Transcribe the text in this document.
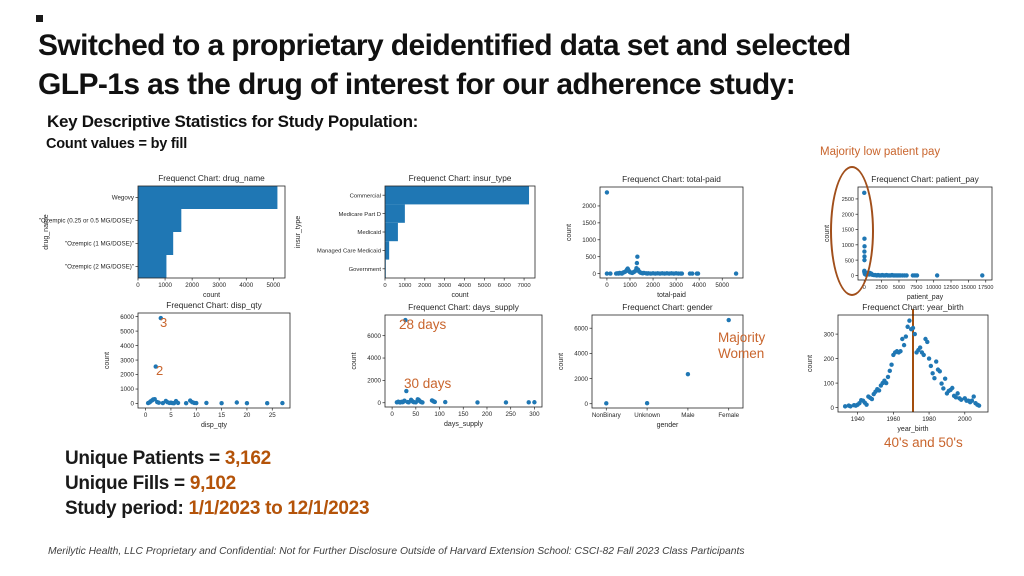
Switched to a proprietary deidentified data set and selected
GLP-1s as the drug of interest for our adherence study:
Key Descriptive Statistics for Study Population:
Count values = by fill
Wegovy
"Ozempic (0.25 or 0.5 MG/DOSE)"
"Ozempic (1 MG/DOSE)"
"Ozempic (2 MG/DOSE)"
Frequenct Chart: drug_name
0	1000 2000 3000 4000 5000
count
drug_name
Commercial
Medicare Part D
Medicaid
Managed Care Medicaid
Government
Frequenct Chart: insur_type
0 1000 2000 3000 4000 5000 6000 7000
count
insur_type
0
500
1000
1500
2000
Frequenct Chart: total-paid
0 1000 2000 3000 4000 5000
total-paid
count
0
500
1000
1500
2000
2500
Frequenct Chart: patient_pay
0 2500 5000 7500 10000 12500 15000 17500
patient_pay
count
0
1000
2000
3000
4000
5000
6000
Frequenct Chart: disp_qty
0	5	10	15	20	25
disp_qty
count
0
2000
4000
6000
Frequenct Chart: days_supply
0	50 100 150 200 250 300
days_supply
count
0
2000
4000
6000
Frequenct Chart: gender
NonBinary Unknown	Male	Female
gender
count
0
100
200
300
Frequenct Chart: year_birth
1940	1960	1980	2000
year_birth
count
Majority low patient pay
3
2
28 days
30 days
Majority Women
40's and 50's
Unique Patients = 3,162
Unique Fills = 9,102
Study period: 1/1/2023 to 12/1/2023
Merilytic Health, LLC Proprietary and Confidential: Not for Further Disclosure Outside of Harvard Extension School: CSCI-82 Fall 2023 Class Participants
